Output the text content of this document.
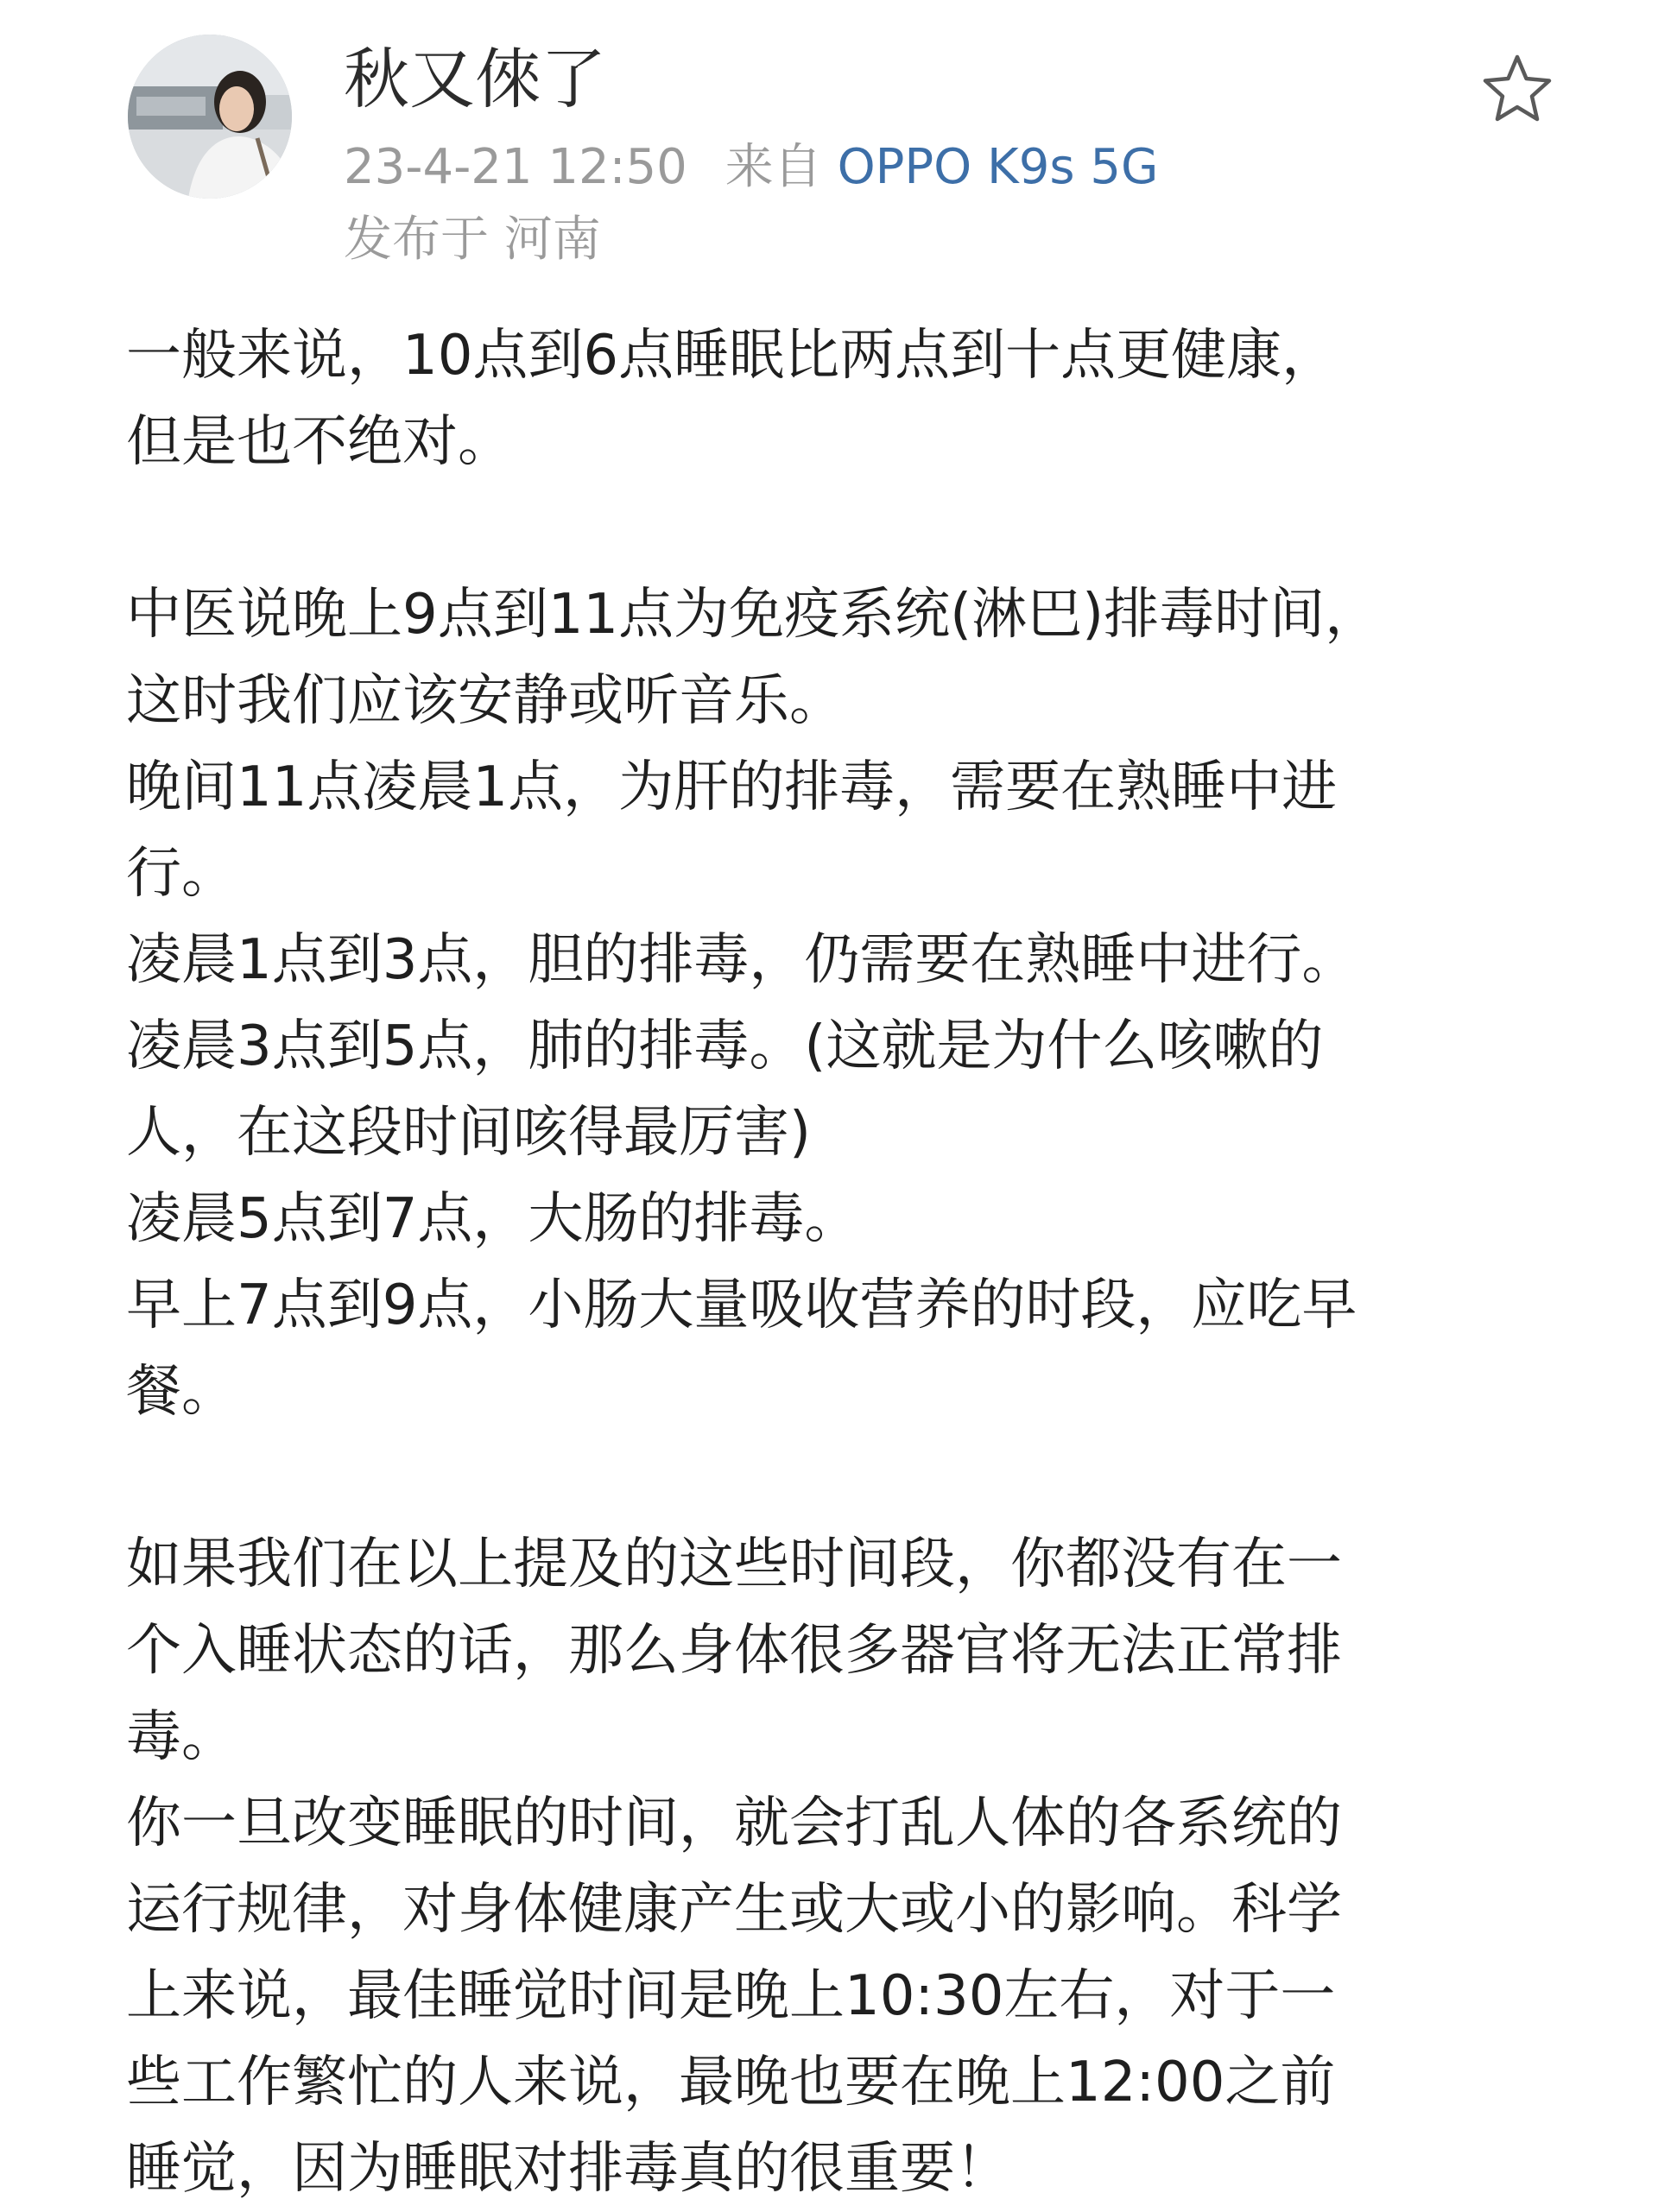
秋又倈了
23-4-21 12:50 来自 OPPO K9s 5G
发布于 河南
一般来说，10点到6点睡眠比两点到十点更健康，
但是也不绝对。
中医说晚上9点到11点为免疫系统(淋巴)排毒时间，
这时我们应该安静或听音乐。
晚间11点凌晨1点，为肝的排毒，需要在熟睡中进
行。
凌晨1点到3点，胆的排毒，仍需要在熟睡中进行。
凌晨3点到5点，肺的排毒。(这就是为什么咳嗽的
人，在这段时间咳得最厉害)
凌晨5点到7点，大肠的排毒。
早上7点到9点，小肠大量吸收营养的时段，应吃早
餐。
如果我们在以上提及的这些时间段，你都没有在一
个入睡状态的话，那么身体很多器官将无法正常排
毒。
你一旦改变睡眠的时间，就会打乱人体的各系统的
运行规律，对身体健康产生或大或小的影响。科学
上来说，最佳睡觉时间是晚上10:30左右，对于一
些工作繁忙的人来说，最晚也要在晚上12:00之前
睡觉，因为睡眠对排毒真的很重要！
